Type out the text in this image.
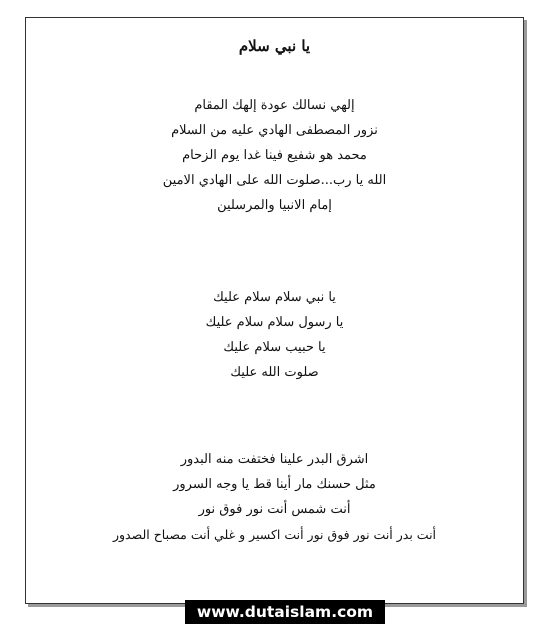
يا نبي سلام
إلهي نسالك عودة إلهك المقام
نزور المصطفى الهادي عليه من السلام
محمد هو شفيع فينا غدا يوم الزحام
الله يا رب...صلوت الله على الهادي الامين
إمام الانبيا والمرسلين
يا نبي سلام سلام عليك
يا رسول سلام سلام عليك
يا حبيب سلام عليك
صلوت الله عليك
اشرق البدر علينا فختفت منه البدور
مثل حسنك مار أينا قط يا وجه السرور
أنت شمس أنت نور فوق نور
أنت بدر أنت نور فوق نور أنت اكسير و غلي أنت مصباح الصدور
www.dutaislam.com
